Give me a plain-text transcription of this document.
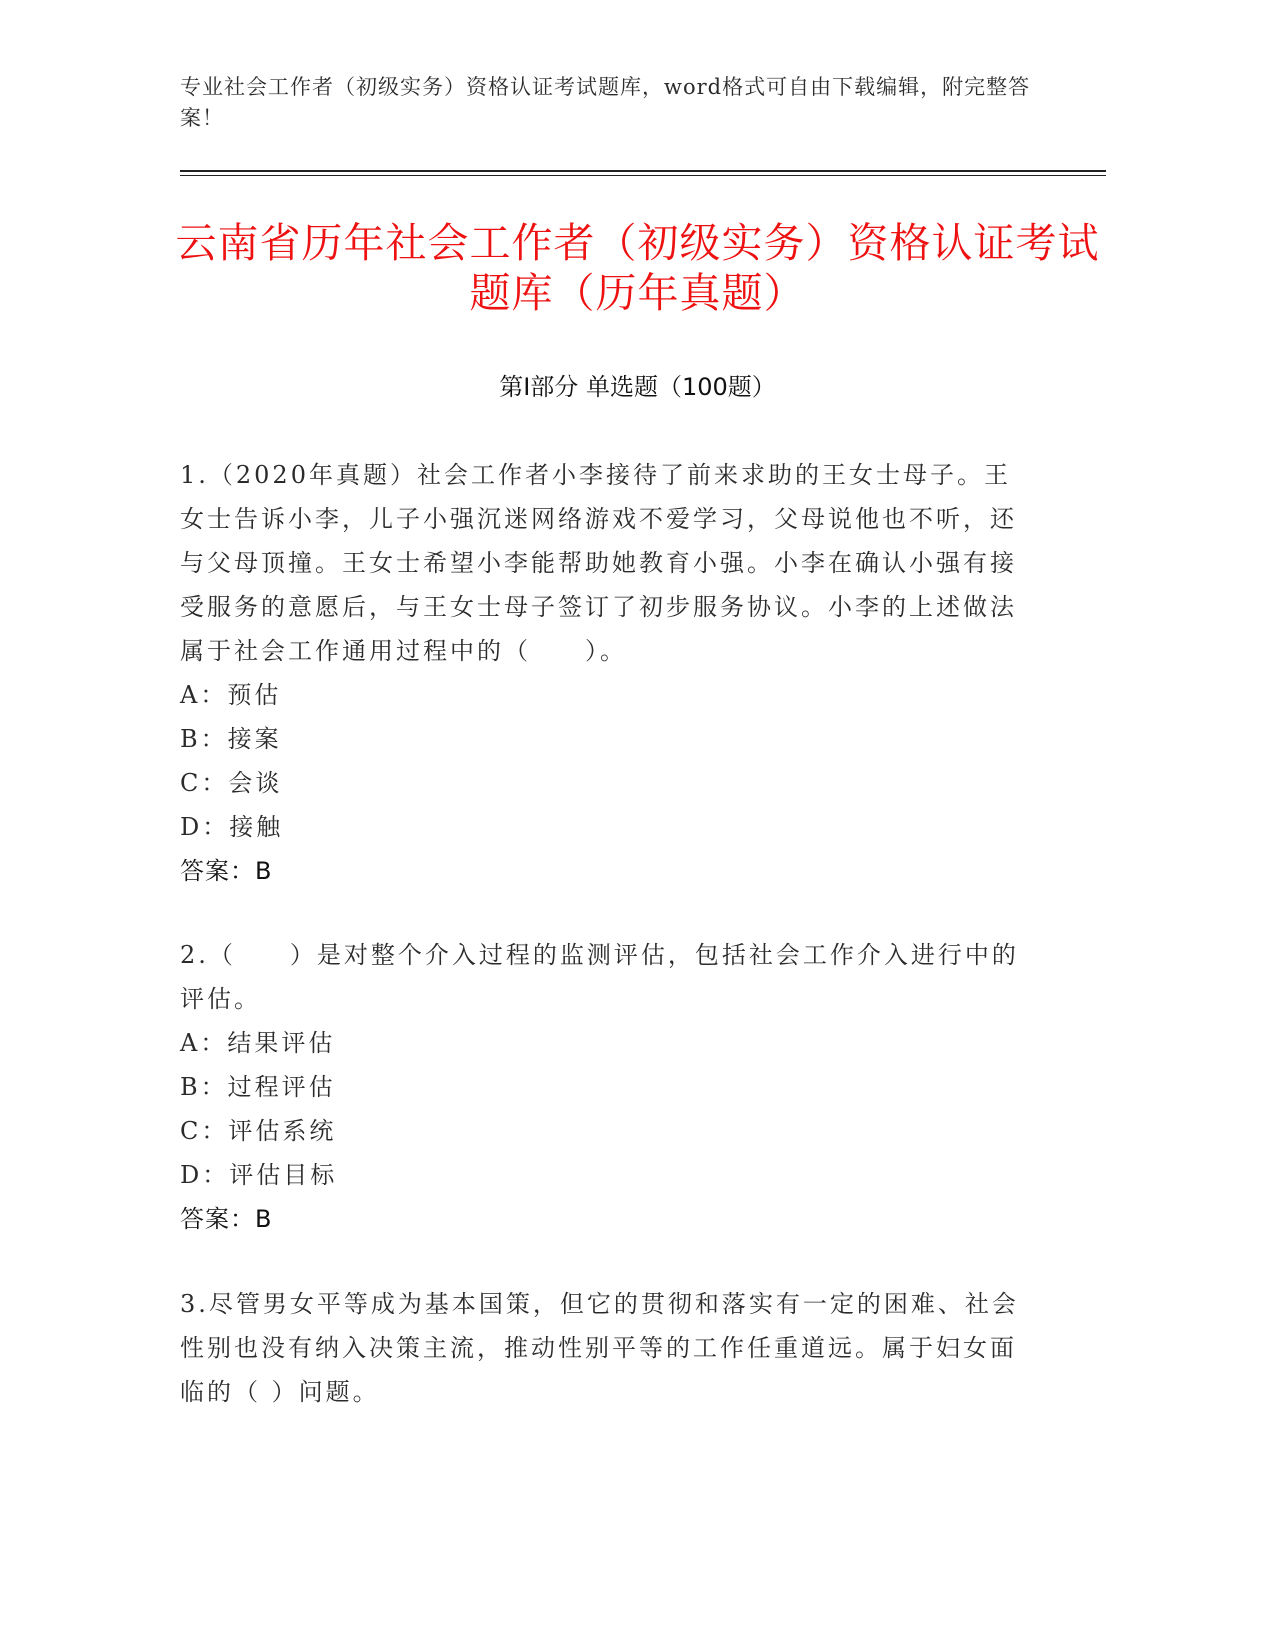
专业社会工作者（初级实务）资格认证考试题库，word格式可自由下载编辑，附完整答案！
云南省历年社会工作者（初级实务）资格认证考试题库（历年真题）
第I部分 单选题（100题）
1.（2020年真题）社会工作者小李接待了前来求助的王女士母子。王女士告诉小李，儿子小强沉迷网络游戏不爱学习，父母说他也不听，还与父母顶撞。王女士希望小李能帮助她教育小强。小李在确认小强有接受服务的意愿后，与王女士母子签订了初步服务协议。小李的上述做法属于社会工作通用过程中的（　　）。
A：预估
B：接案
C：会谈
D：接触
答案：B
2.（　　）是对整个介入过程的监测评估，包括社会工作介入进行中的评估。
A：结果评估
B：过程评估
C：评估系统
D：评估目标
答案：B
3.尽管男女平等成为基本国策，但它的贯彻和落实有一定的困难、社会性别也没有纳入决策主流，推动性别平等的工作任重道远。属于妇女面临的（ ）问题。
